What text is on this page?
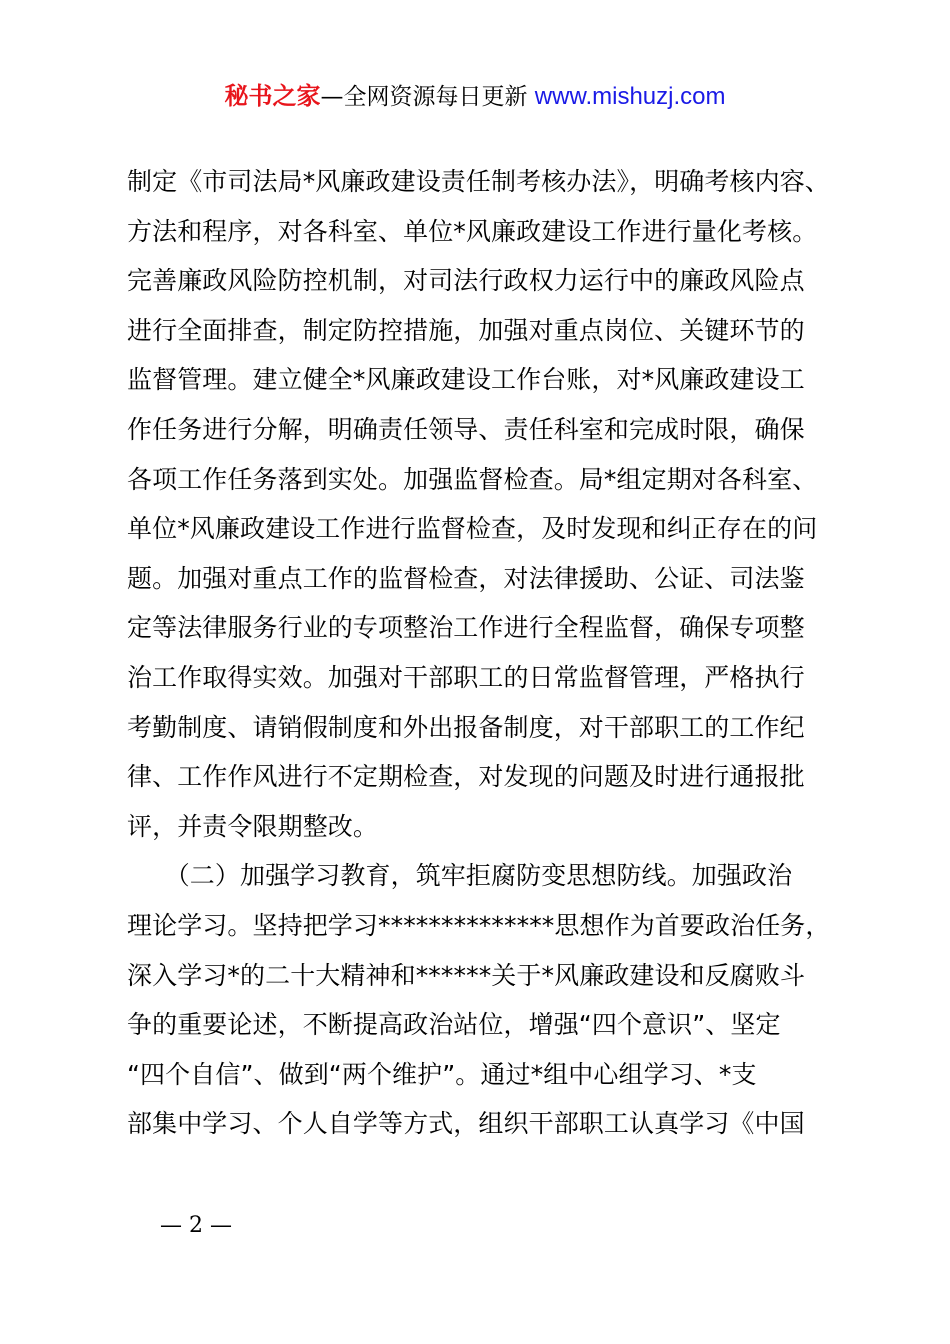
秘书之家—全网资源每日更新 www.mishuzj.com
制定《市司法局*风廉政建设责任制考核办法》，明确考核内容、
方法和程序，对各科室、单位*风廉政建设工作进行量化考核。
完善廉政风险防控机制，对司法行政权力运行中的廉政风险点
进行全面排查，制定防控措施，加强对重点岗位、关键环节的
监督管理。建立健全*风廉政建设工作台账，对*风廉政建设工
作任务进行分解，明确责任领导、责任科室和完成时限，确保
各项工作任务落到实处。加强监督检查。局*组定期对各科室、
单位*风廉政建设工作进行监督检查，及时发现和纠正存在的问
题。加强对重点工作的监督检查，对法律援助、公证、司法鉴
定等法律服务行业的专项整治工作进行全程监督，确保专项整
治工作取得实效。加强对干部职工的日常监督管理，严格执行
考勤制度、请销假制度和外出报备制度，对干部职工的工作纪
律、工作作风进行不定期检查，对发现的问题及时进行通报批
评，并责令限期整改。
　　（二）加强学习教育，筑牢拒腐防变思想防线。加强政治
理论学习。坚持把学习**************思想作为首要政治任务，
深入学习*的二十大精神和******关于*风廉政建设和反腐败斗
争的重要论述，不断提高政治站位，增强“四个意识”、坚定
“四个自信”、做到“两个维护”。通过*组中心组学习、*支
部集中学习、个人自学等方式，组织干部职工认真学习《中国
— 2 —
